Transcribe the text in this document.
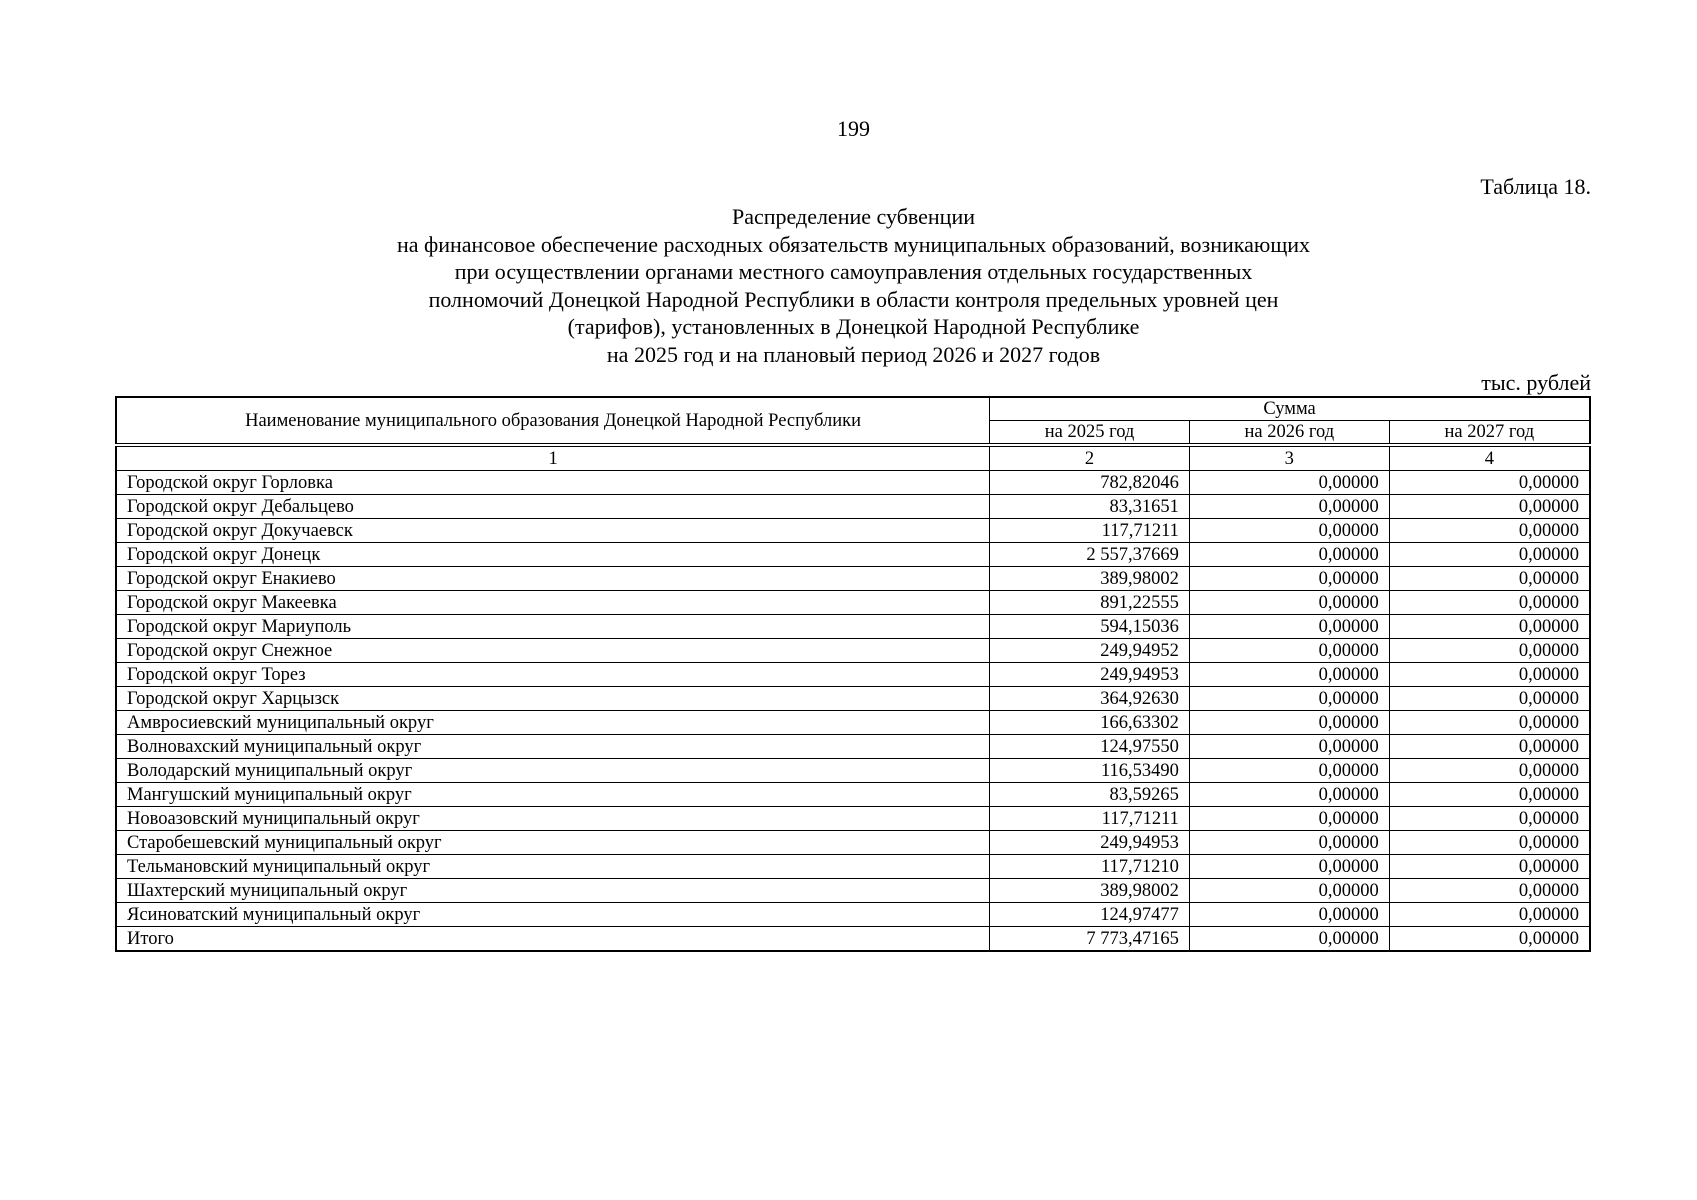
199
Таблица 18.
Распределение субвенции
на финансовое обеспечение расходных обязательств муниципальных образований, возникающих
при осуществлении органами местного самоуправления отдельных государственных
полномочий Донецкой Народной Республики в области контроля предельных уровней цен
(тарифов), установленных в Донецкой Народной Республике
на 2025 год и на плановый период 2026 и 2027 годов
тыс. рублей
Наименование муниципального образования Донецкой Народной Республики	Сумма		
	на 2025 год	на 2026 год	на 2027 год
1	2	3	4
Городской округ Горловка	782,82046	0,00000	0,00000
Городской округ Дебальцево	83,31651	0,00000	0,00000
Городской округ Докучаевск	117,71211	0,00000	0,00000
Городской округ Донецк	2 557,37669	0,00000	0,00000
Городской округ Енакиево	389,98002	0,00000	0,00000
Городской округ Макеевка	891,22555	0,00000	0,00000
Городской округ Мариуполь	594,15036	0,00000	0,00000
Городской округ Снежное	249,94952	0,00000	0,00000
Городской округ Торез	249,94953	0,00000	0,00000
Городской округ Харцызск	364,92630	0,00000	0,00000
Амвросиевский муниципальный округ	166,63302	0,00000	0,00000
Волновахский муниципальный округ	124,97550	0,00000	0,00000
Володарский муниципальный округ	116,53490	0,00000	0,00000
Мангушский муниципальный округ	83,59265	0,00000	0,00000
Новоазовский муниципальный округ	117,71211	0,00000	0,00000
Старобешевский муниципальный округ	249,94953	0,00000	0,00000
Тельмановский муниципальный округ	117,71210	0,00000	0,00000
Шахтерский муниципальный округ	389,98002	0,00000	0,00000
Ясиноватский муниципальный округ	124,97477	0,00000	0,00000
Итого	7 773,47165	0,00000	0,00000
